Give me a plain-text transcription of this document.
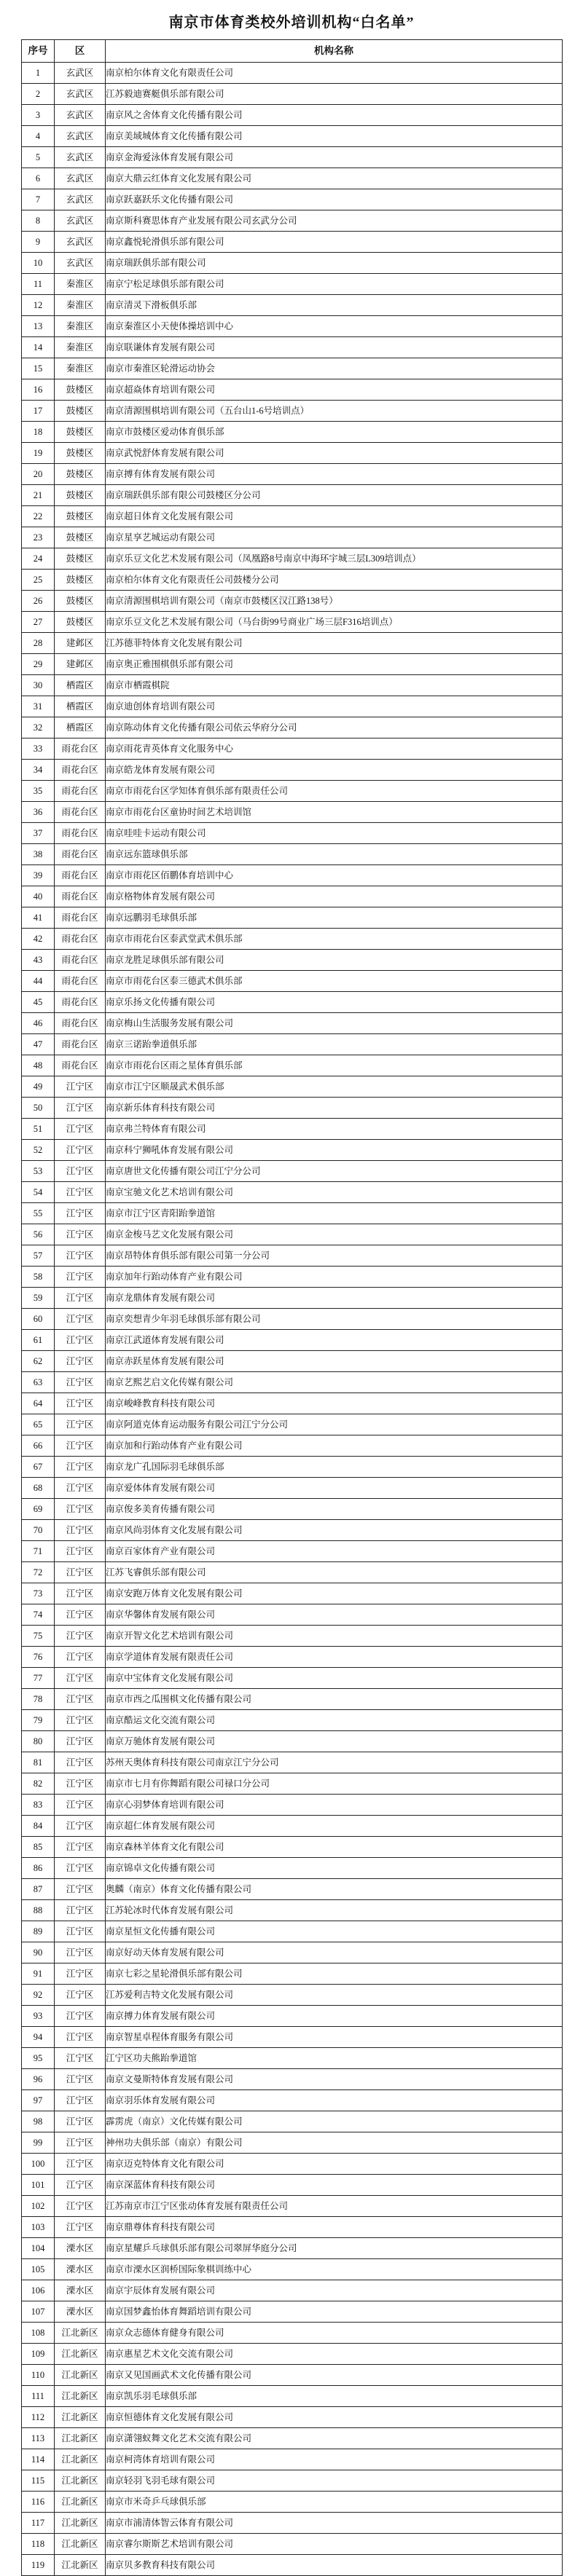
南京市体育类校外培训机构“白名单”
序号	区	机构名称
1	玄武区	南京柏尔体育文化有限责任公司
2	玄武区	江苏毅迪赛艇俱乐部有限公司
3	玄武区	南京风之舍体育文化传播有限公司
4	玄武区	南京美域城体育文化传播有限公司
5	玄武区	南京金海爱泳体育发展有限公司
6	玄武区	南京大鼎云红体育文化发展有限公司
7	玄武区	南京跃嘉跃乐文化传播有限公司
8	玄武区	南京斯科赛思体育产业发展有限公司玄武分公司
9	玄武区	南京鑫悦轮滑俱乐部有限公司
10	玄武区	南京瑞跃俱乐部有限公司
11	秦淮区	南京宁松足球俱乐部有限公司
12	秦淮区	南京清灵下滑板俱乐部
13	秦淮区	南京秦淮区小天使体操培训中心
14	秦淮区	南京联谦体育发展有限公司
15	秦淮区	南京市秦淮区轮滑运动协会
16	鼓楼区	南京超焱体育培训有限公司
17	鼓楼区	南京清源围棋培训有限公司（五台山1-6号培训点）
18	鼓楼区	南京市鼓楼区爱动体育俱乐部
19	鼓楼区	南京武悦舒体育发展有限公司
20	鼓楼区	南京搏有体育发展有限公司
21	鼓楼区	南京瑞跃俱乐部有限公司鼓楼区分公司
22	鼓楼区	南京超日体育文化发展有限公司
23	鼓楼区	南京星享艺城运动有限公司
24	鼓楼区	南京乐豆文化艺术发展有限公司（凤凰路8号南京中海环宇城三层L309培训点）
25	鼓楼区	南京柏尔体育文化有限责任公司鼓楼分公司
26	鼓楼区	南京清源围棋培训有限公司（南京市鼓楼区汉江路138号）
27	鼓楼区	南京乐豆文化艺术发展有限公司（马台街99号商业广场三层F316培训点）
28	建邺区	江苏德菲特体育文化发展有限公司
29	建邺区	南京奥正雅围棋俱乐部有限公司
30	栖霞区	南京市栖霞棋院
31	栖霞区	南京迪创体育培训有限公司
32	栖霞区	南京陈动体育文化传播有限公司依云华府分公司
33	雨花台区	南京雨花青英体育文化服务中心
34	雨花台区	南京皓龙体育发展有限公司
35	雨花台区	南京市雨花台区学知体育俱乐部有限责任公司
36	雨花台区	南京市雨花台区童协时间艺术培训馆
37	雨花台区	南京哇哇卡运动有限公司
38	雨花台区	南京远东篮球俱乐部
39	雨花台区	南京市雨花区佰鹏体育培训中心
40	雨花台区	南京格物体育发展有限公司
41	雨花台区	南京远鹏羽毛球俱乐部
42	雨花台区	南京市雨花台区泰武堂武术俱乐部
43	雨花台区	南京龙胜足球俱乐部有限公司
44	雨花台区	南京市雨花台区泰三德武术俱乐部
45	雨花台区	南京乐扬文化传播有限公司
46	雨花台区	南京梅山生活服务发展有限公司
47	雨花台区	南京三诺跆拳道俱乐部
48	雨花台区	南京市雨花台区雨之星体育俱乐部
49	江宁区	南京市江宁区顺晟武术俱乐部
50	江宁区	南京新乐体育科技有限公司
51	江宁区	南京弗兰特体育有限公司
52	江宁区	南京科宁狮吼体育发展有限公司
53	江宁区	南京唐世文化传播有限公司江宁分公司
54	江宁区	南京宝驰文化艺术培训有限公司
55	江宁区	南京市江宁区青阳跆拳道馆
56	江宁区	南京金梭马艺文化发展有限公司
57	江宁区	南京昂特体育俱乐部有限公司第一分公司
58	江宁区	南京加年行跆动体育产业有限公司
59	江宁区	南京龙鼎体育发展有限公司
60	江宁区	南京奕想青少年羽毛球俱乐部有限公司
61	江宁区	南京江武道体育发展有限公司
62	江宁区	南京赤跃星体育发展有限公司
63	江宁区	南京艺熙艺启文化传媒有限公司
64	江宁区	南京峻峰教育科技有限公司
65	江宁区	南京阿道克体育运动服务有限公司江宁分公司
66	江宁区	南京加和行跆动体育产业有限公司
67	江宁区	南京龙广孔国际羽毛球俱乐部
68	江宁区	南京爱体体育发展有限公司
69	江宁区	南京俊多美育传播有限公司
70	江宁区	南京风尚羽体育文化发展有限公司
71	江宁区	南京百家体育产业有限公司
72	江宁区	江苏飞睿俱乐部有限公司
73	江宁区	南京安跑万体育文化发展有限公司
74	江宁区	南京华馨体育发展有限公司
75	江宁区	南京开智文化艺术培训有限公司
76	江宁区	南京学道体育发展有限责任公司
77	江宁区	南京中宝体育文化发展有限公司
78	江宁区	南京市西之瓜围棋文化传播有限公司
79	江宁区	南京酷运文化交流有限公司
80	江宁区	南京万驰体育发展有限公司
81	江宁区	苏州天奥体育科技有限公司南京江宁分公司
82	江宁区	南京市七月有你舞蹈有限公司禄口分公司
83	江宁区	南京心羽梦体育培训有限公司
84	江宁区	南京超仁体育发展有限公司
85	江宁区	南京森林羊体育文化有限公司
86	江宁区	南京锦卓文化传播有限公司
87	江宁区	奥麟（南京）体育文化传播有限公司
88	江宁区	江苏轮冰时代体育发展有限公司
89	江宁区	南京星恒文化传播有限公司
90	江宁区	南京好动天体育发展有限公司
91	江宁区	南京七彩之星轮滑俱乐部有限公司
92	江宁区	江苏爱利吉特文化发展有限公司
93	江宁区	南京搏力体育发展有限公司
94	江宁区	南京智星卓程体育服务有限公司
95	江宁区	江宁区功夫熊跆拳道馆
96	江宁区	南京文曼斯特体育发展有限公司
97	江宁区	南京羽乐体育发展有限公司
98	江宁区	霹雳虎（南京）文化传媒有限公司
99	江宁区	神州功夫俱乐部（南京）有限公司
100	江宁区	南京迈克特体育文化有限公司
101	江宁区	南京深蓝体育科技有限公司
102	江宁区	江苏南京市江宁区张动体育发展有限责任公司
103	江宁区	南京鼎尊体育科技有限公司
104	溧水区	南京星耀乒乓球俱乐部有限公司翠屏华庭分公司
105	溧水区	南京市溧水区润桥国际象棋训练中心
106	溧水区	南京宇辰体育发展有限公司
107	溧水区	南京国梦鑫怡体育舞蹈培训有限公司
108	江北新区	南京众志德体育健身有限公司
109	江北新区	南京惠星艺术文化交流有限公司
110	江北新区	南京又见国画武术文化传播有限公司
111	江北新区	南京凯乐羽毛球俱乐部
112	江北新区	南京恒德体育文化发展有限公司
113	江北新区	南京潇翎蚁舞文化艺术交流有限公司
114	江北新区	南京柯湾体育培训有限公司
115	江北新区	南京轻羽飞羽毛球有限公司
116	江北新区	南京市米奇乒乓球俱乐部
117	江北新区	南京市浦清体智云体育有限公司
118	江北新区	南京睿尔斯斯艺术培训有限公司
119	江北新区	南京贝多教育科技有限公司
